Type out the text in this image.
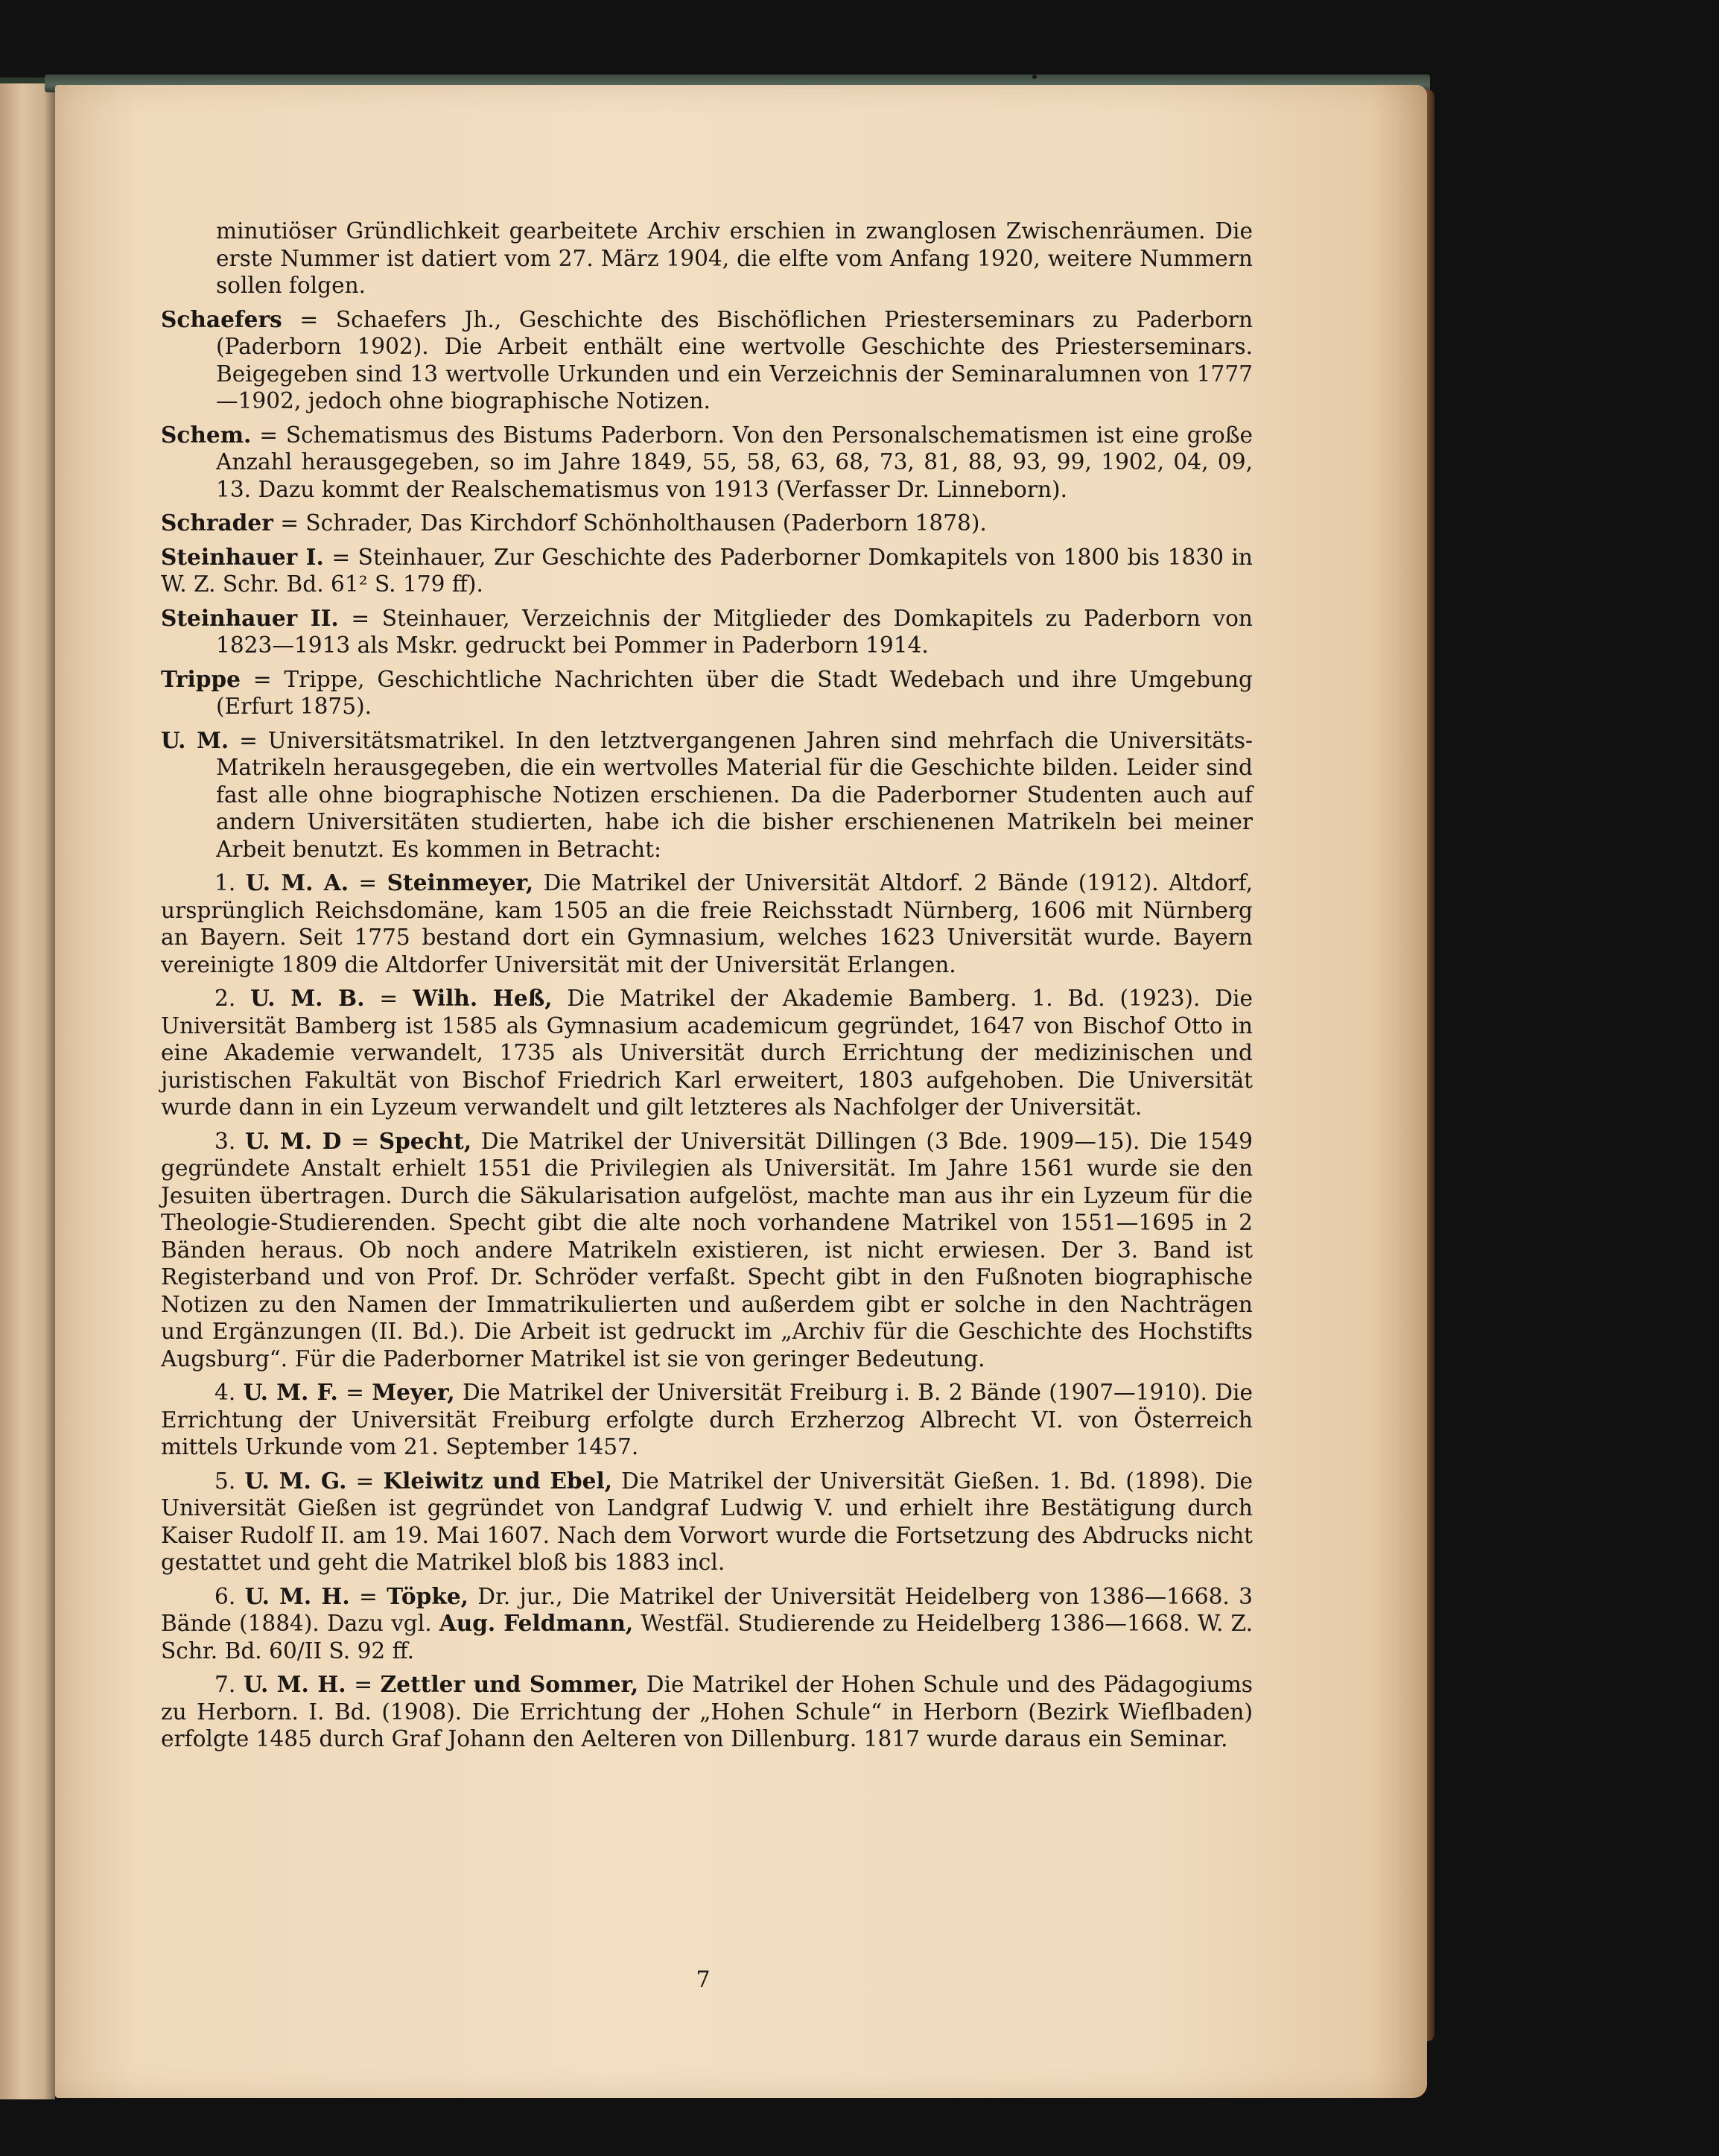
minutiöser Gründlichkeit gearbeitete Archiv erschien in zwanglosen Zwischenräumen. Die erste Nummer ist datiert vom 27. März 1904, die elfte vom Anfang 1920, weitere Nummern sollen folgen.

Schaefers = Schaefers Jh., Geschichte des Bischöflichen Priesterseminars zu Paderborn (Paderborn 1902). Die Arbeit enthält eine wertvolle Geschichte des Priesterseminars. Beigegeben sind 13 wertvolle Urkunden und ein Verzeichnis der Seminaralumnen von 1777—1902, jedoch ohne biographische Notizen.

Schem. = Schematismus des Bistums Paderborn. Von den Personalschematismen ist eine große Anzahl herausgegeben, so im Jahre 1849, 55, 58, 63, 68, 73, 81, 88, 93, 99, 1902, 04, 09, 13. Dazu kommt der Realschematismus von 1913 (Verfasser Dr. Linneborn).

Schrader = Schrader, Das Kirchdorf Schönholthausen (Paderborn 1878).

Steinhauer I. = Steinhauer, Zur Geschichte des Paderborner Domkapitels von 1800 bis 1830 in W. Z. Schr. Bd. 61² S. 179 ff).

Steinhauer II. = Steinhauer, Verzeichnis der Mitglieder des Domkapitels zu Paderborn von 1823—1913 als Mskr. gedruckt bei Pommer in Paderborn 1914.

Trippe = Trippe, Geschichtliche Nachrichten über die Stadt Wedebach und ihre Umgebung (Erfurt 1875).

U. M. = Universitätsmatrikel. In den letztvergangenen Jahren sind mehrfach die Universitäts-Matrikeln herausgegeben, die ein wertvolles Material für die Geschichte bilden. Leider sind fast alle ohne biographische Notizen erschienen. Da die Paderborner Studenten auch auf andern Universitäten studierten, habe ich die bisher erschienenen Matrikeln bei meiner Arbeit benutzt. Es kommen in Betracht:

1. U. M. A. = Steinmeyer, Die Matrikel der Universität Altdorf. 2 Bände (1912). Altdorf, ursprünglich Reichsdomäne, kam 1505 an die freie Reichsstadt Nürnberg, 1606 mit Nürnberg an Bayern. Seit 1775 bestand dort ein Gymnasium, welches 1623 Universität wurde. Bayern vereinigte 1809 die Altdorfer Universität mit der Universität Erlangen.

2. U. M. B. = Wilh. Heß, Die Matrikel der Akademie Bamberg. 1. Bd. (1923). Die Universität Bamberg ist 1585 als Gymnasium academicum gegründet, 1647 von Bischof Otto in eine Akademie verwandelt, 1735 als Universität durch Errichtung der medizinischen und juristischen Fakultät von Bischof Friedrich Karl erweitert, 1803 aufgehoben. Die Universität wurde dann in ein Lyzeum verwandelt und gilt letzteres als Nachfolger der Universität.

3. U. M. D = Specht, Die Matrikel der Universität Dillingen (3 Bde. 1909—15). Die 1549 gegründete Anstalt erhielt 1551 die Privilegien als Universität. Im Jahre 1561 wurde sie den Jesuiten übertragen. Durch die Säkularisation aufgelöst, machte man aus ihr ein Lyzeum für die Theologie-Studierenden. Specht gibt die alte noch vorhandene Matrikel von 1551—1695 in 2 Bänden heraus. Ob noch andere Matrikeln existieren, ist nicht erwiesen. Der 3. Band ist Registerband und von Prof. Dr. Schröder verfaßt. Specht gibt in den Fußnoten biographische Notizen zu den Namen der Immatrikulierten und außerdem gibt er solche in den Nachträgen und Ergänzungen (II. Bd.). Die Arbeit ist gedruckt im „Archiv für die Geschichte des Hochstifts Augsburg“. Für die Paderborner Matrikel ist sie von geringer Bedeutung.

4. U. M. F. = Meyer, Die Matrikel der Universität Freiburg i. B. 2 Bände (1907—1910). Die Errichtung der Universität Freiburg erfolgte durch Erzherzog Albrecht VI. von Österreich mittels Urkunde vom 21. September 1457.

5. U. M. G. = Kleiwitz und Ebel, Die Matrikel der Universität Gießen. 1. Bd. (1898). Die Universität Gießen ist gegründet von Landgraf Ludwig V. und erhielt ihre Bestätigung durch Kaiser Rudolf II. am 19. Mai 1607. Nach dem Vorwort wurde die Fortsetzung des Abdrucks nicht gestattet und geht die Matrikel bloß bis 1883 incl.

6. U. M. H. = Töpke, Dr. jur., Die Matrikel der Universität Heidelberg von 1386—1668. 3 Bände (1884). Dazu vgl. Aug. Feldmann, Westfäl. Studierende zu Heidelberg 1386—1668. W. Z. Schr. Bd. 60/II S. 92 ff.

7. U. M. H. = Zettler und Sommer, Die Matrikel der Hohen Schule und des Pädagogiums zu Herborn. I. Bd. (1908). Die Errichtung der „Hohen Schule“ in Herborn (Bezirk Wieflbaden) erfolgte 1485 durch Graf Johann den Aelteren von Dillenburg. 1817 wurde daraus ein Seminar.

7
